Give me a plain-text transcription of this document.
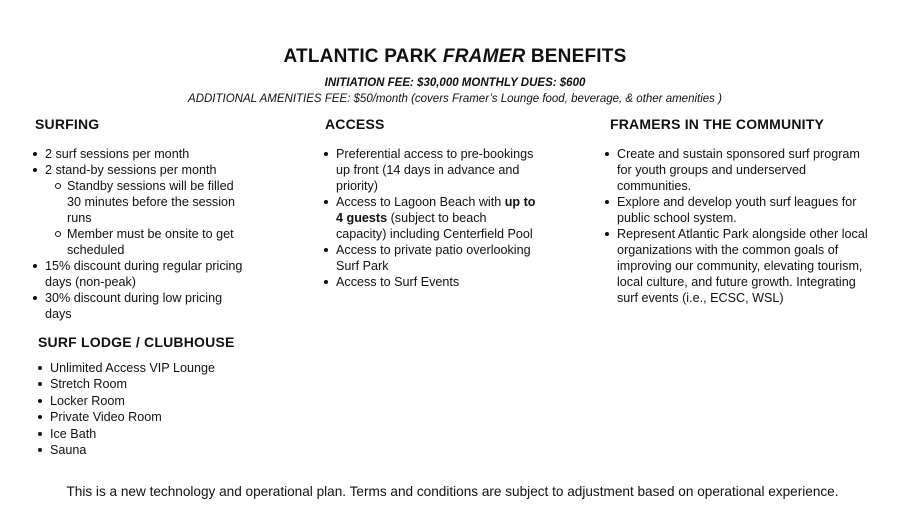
ATLANTIC PARK FRAMER BENEFITS
INITIATION FEE: $30,000 MONTHLY DUES: $600
ADDITIONAL AMENITIES FEE: $50/month (covers Framer’s Lounge food, beverage, & other amenities )
SURFING
2 surf sessions per month
2 stand-by sessions per month
Standby sessions will be filled 30 minutes before the session runs
Member must be onsite to get scheduled
15% discount during regular pricing days (non-peak)
30% discount during low pricing days
ACCESS
Preferential access to pre-bookings up front (14 days in advance and priority)
Access to Lagoon Beach with up to 4 guests (subject to beach capacity) including Centerfield Pool
Access to private patio overlooking Surf Park
Access to Surf Events
FRAMERS IN THE COMMUNITY
Create and sustain sponsored surf program for youth groups and underserved communities.
Explore and develop youth surf leagues for public school system.
Represent Atlantic Park alongside other local organizations with the common goals of improving our community, elevating tourism, local culture, and future growth. Integrating surf events (i.e., ECSC, WSL)
SURF LODGE / CLUBHOUSE
Unlimited Access VIP Lounge
Stretch Room
Locker Room
Private Video Room
Ice Bath
Sauna
This is a new technology and operational plan. Terms and conditions are subject to adjustment based on operational experience.
